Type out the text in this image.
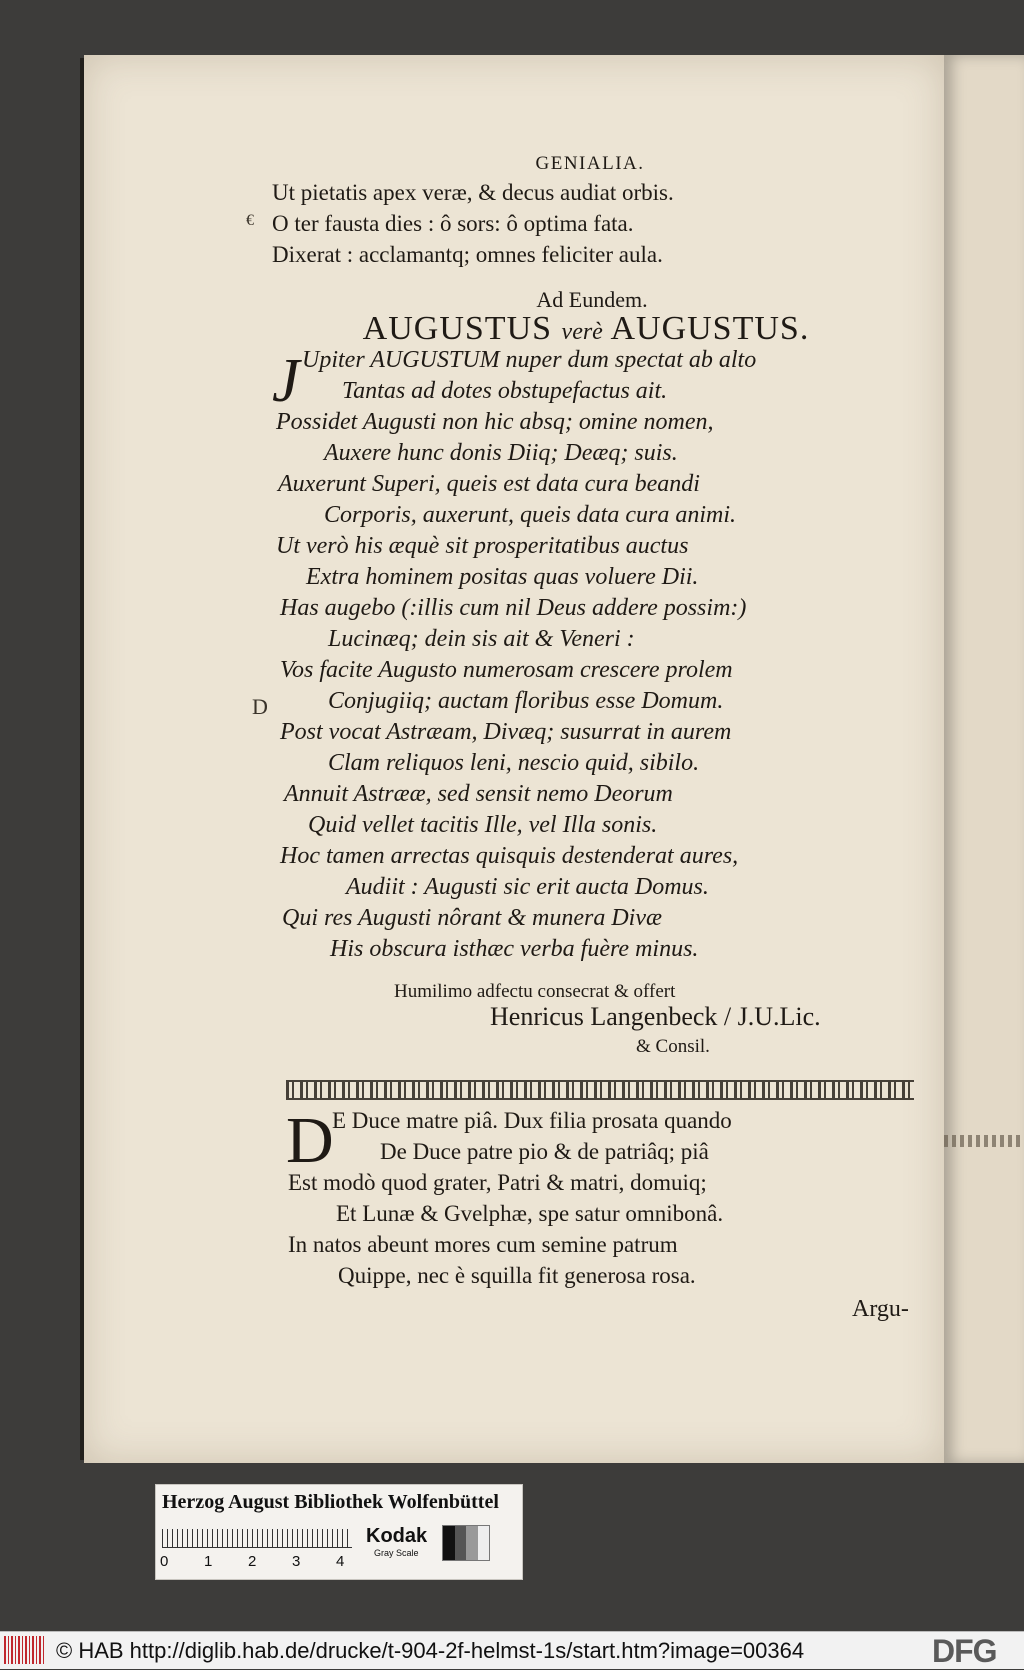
GENIALIA.
€
D
Ut pietatis apex veræ, & decus audiat orbis.
O ter fausta dies : ô sors: ô optima fata.
Dixerat : acclamantq; omnes feliciter aula.
Ad Eundem.
AUGUSTUS verè AUGUSTUS.
J Upiter AUGUSTUM nuper dum spectat ab alto
Tantas ad dotes obstupefactus ait.
Possidet Augusti non hic absq; omine nomen,
Auxere hunc donis Diiq; Deæq; suis.
Auxerunt Superi, queis est data cura beandi
Corporis, auxerunt, queis data cura animi.
Ut verò his æquè sit prosperitatibus auctus
Extra hominem positas quas voluere Dii.
Has augebo (:illis cum nil Deus addere possim:)
Lucinæq; dein sis ait & Veneri :
Vos facite Augusto numerosam crescere prolem
Conjugiiq; auctam floribus esse Domum.
Post vocat Astræam, Divæq; susurrat in aurem
Clam reliquos leni, nescio quid, sibilo.
Annuit Astrææ, sed sensit nemo Deorum
Quid vellet tacitis Ille, vel Illa sonis.
Hoc tamen arrectas quisquis destenderat aures,
Audiit : Augusti sic erit aucta Domus.
Qui res Augusti nôrant & munera Divæ
His obscura isthæc verba fuère minus.
Humilimo adfectu consecrat & offert
Henricus Langenbeck / J.U.Lic.
& Consil.
D
E Duce matre piâ. Dux filia prosata quando
De Duce patre pio & de patriâq; piâ
Est modò quod grater, Patri & matri, domuiq;
Et Lunæ & Gvelphæ, spe satur omnibonâ.
In natos abeunt mores cum semine patrum
Quippe, nec è squilla fit generosa rosa.
Argu-
Herzog August Bibliothek Wolfenbüttel
0 1 2 3 4
Kodak
Gray Scale
© HAB http://diglib.hab.de/drucke/t-904-2f-helmst-1s/start.htm?image=00364	DFG
